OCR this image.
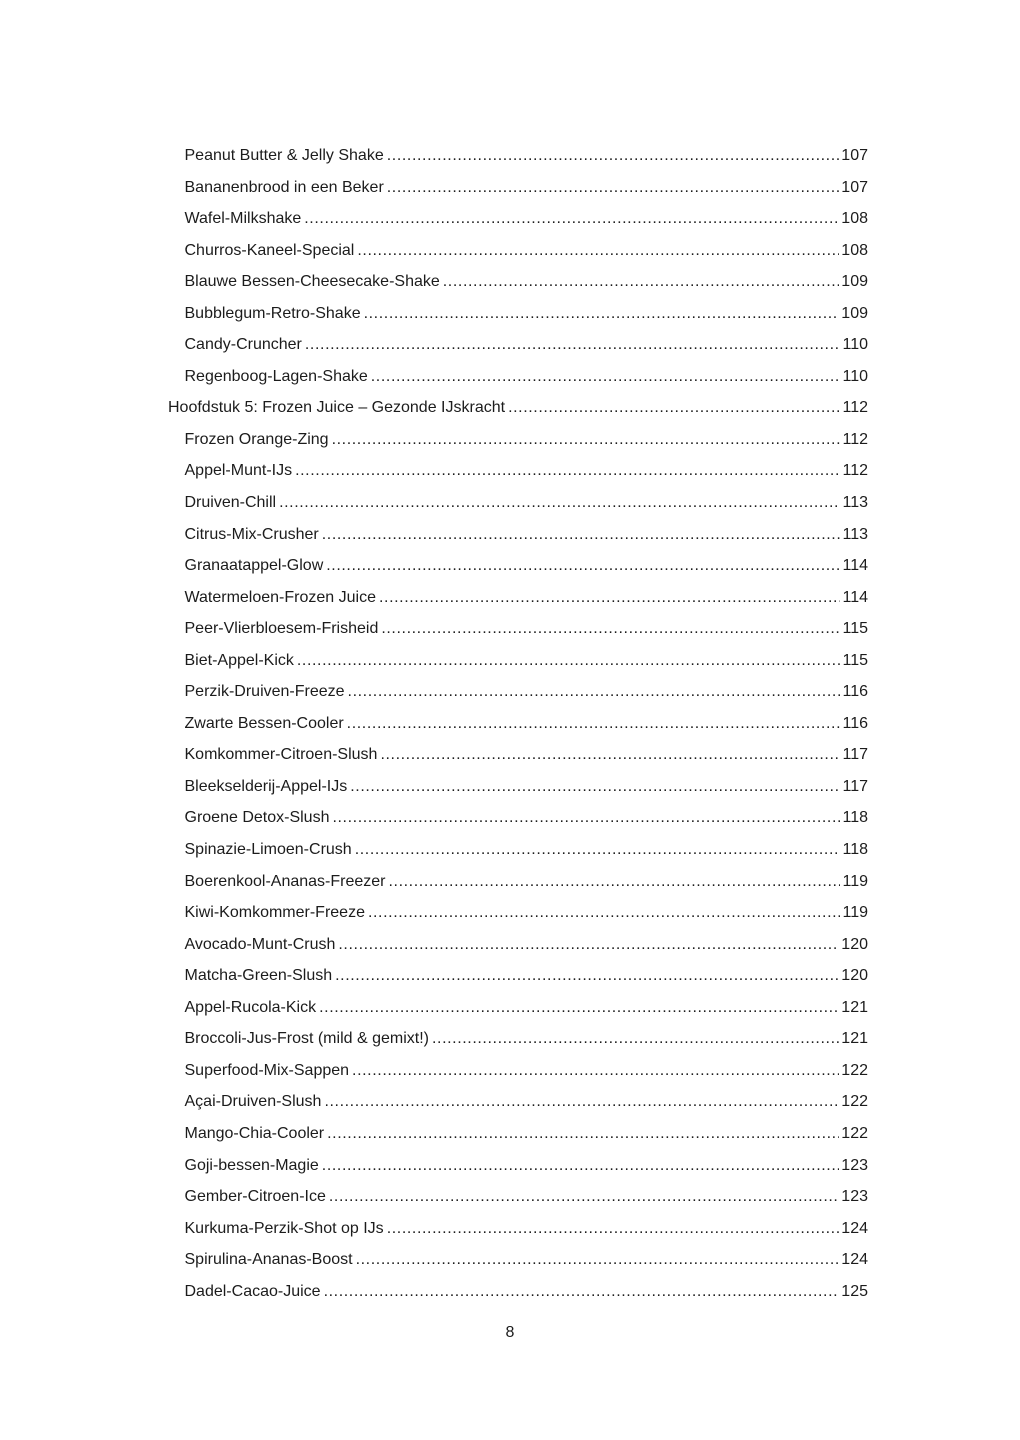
Peanut Butter & Jelly Shake .....	107
Bananenbrood in een Beker .....	107
Wafel-Milkshake .....	108
Churros-Kaneel-Special .....	108
Blauwe Bessen-Cheesecake-Shake .....	109
Bubblegum-Retro-Shake .....	109
Candy-Cruncher .....	110
Regenboog-Lagen-Shake .....	110
Hoofdstuk 5: Frozen Juice – Gezonde IJskracht .....	112
Frozen Orange-Zing .....	112
Appel-Munt-IJs .....	112
Druiven-Chill .....	113
Citrus-Mix-Crusher .....	113
Granaatappel-Glow .....	114
Watermeloen-Frozen Juice .....	114
Peer-Vlierbloesem-Frisheid .....	115
Biet-Appel-Kick .....	115
Perzik-Druiven-Freeze .....	116
Zwarte Bessen-Cooler .....	116
Komkommer-Citroen-Slush .....	117
Bleekselderij-Appel-IJs .....	117
Groene Detox-Slush .....	118
Spinazie-Limoen-Crush .....	118
Boerenkool-Ananas-Freezer .....	119
Kiwi-Komkommer-Freeze .....	119
Avocado-Munt-Crush .....	120
Matcha-Green-Slush .....	120
Appel-Rucola-Kick .....	121
Broccoli-Jus-Frost (mild & gemixt!) .....	121
Superfood-Mix-Sappen .....	122
Açai-Druiven-Slush .....	122
Mango-Chia-Cooler .....	122
Goji-bessen-Magie .....	123
Gember-Citroen-Ice .....	123
Kurkuma-Perzik-Shot op IJs .....	124
Spirulina-Ananas-Boost .....	124
Dadel-Cacao-Juice .....	125
8
